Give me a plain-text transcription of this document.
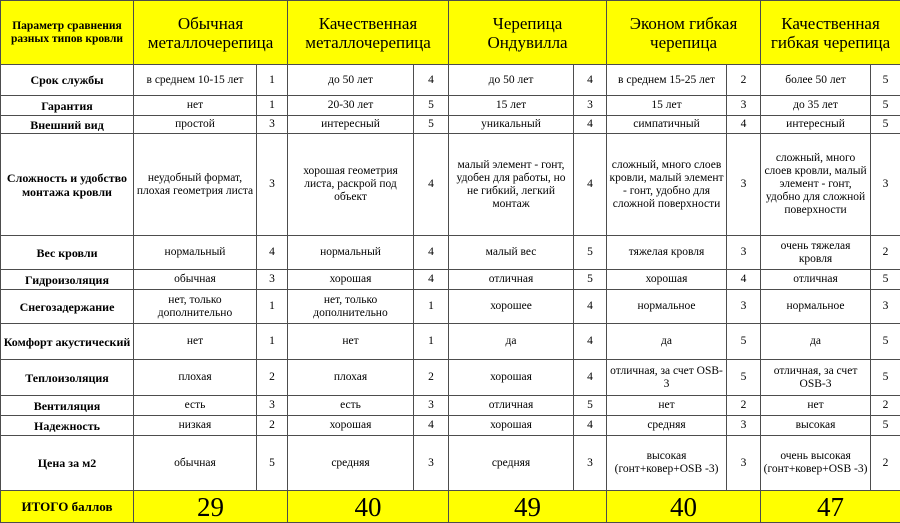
Параметр сравнения разных типов кровли	Обычная металлочерепица		Качественная металлочерепица		Черепица Ондувилла		Эконом гибкая черепица		Качественная гибкая черепица	
Срок службы	в среднем 10-15 лет	1	до 50 лет	4	до 50 лет	4	в среднем 15-25 лет	2	более 50 лет	5
Гарантия	нет	1	20-30 лет	5	15 лет	3	15 лет	3	до 35 лет	5
Внешний вид	простой	3	интересный	5	уникальный	4	симпатичный	4	интересный	5
Сложность и удобство монтажа кровли	неудобный формат, плохая геометрия листа	3	хорошая геометрия листа, раскрой под объект	4	малый элемент - гонт, удобен для работы, но не гибкий, легкий монтаж	4	сложный, много слоев кровли, малый элемент - гонт, удобно для сложной поверхности	3	сложный, много слоев кровли, малый элемент - гонт, удобно для сложной поверхности	3
Вес кровли	нормальный	4	нормальный	4	малый вес	5	тяжелая кровля	3	очень тяжелая кровля	2
Гидроизоляция	обычная	3	хорошая	4	отличная	5	хорошая	4	отличная	5
Снегозадержание	нет, только дополнительно	1	нет, только дополнительно	1	хорошее	4	нормальное	3	нормальное	3
Комфорт акустический	нет	1	нет	1	да	4	да	5	да	5
Теплоизоляция	плохая	2	плохая	2	хорошая	4	отличная, за счет OSB-3	5	отличная, за счет OSB-3	5
Вентиляция	есть	3	есть	3	отличная	5	нет	2	нет	2
Надежность	низкая	2	хорошая	4	хорошая	4	средняя	3	высокая	5
Цена за м2	обычная	5	средняя	3	средняя	3	высокая (гонт+ковер+OSB -3)	3	очень высокая (гонт+ковер+OSB -3)	2
ИТОГО баллов	29		40		49		40		47	
